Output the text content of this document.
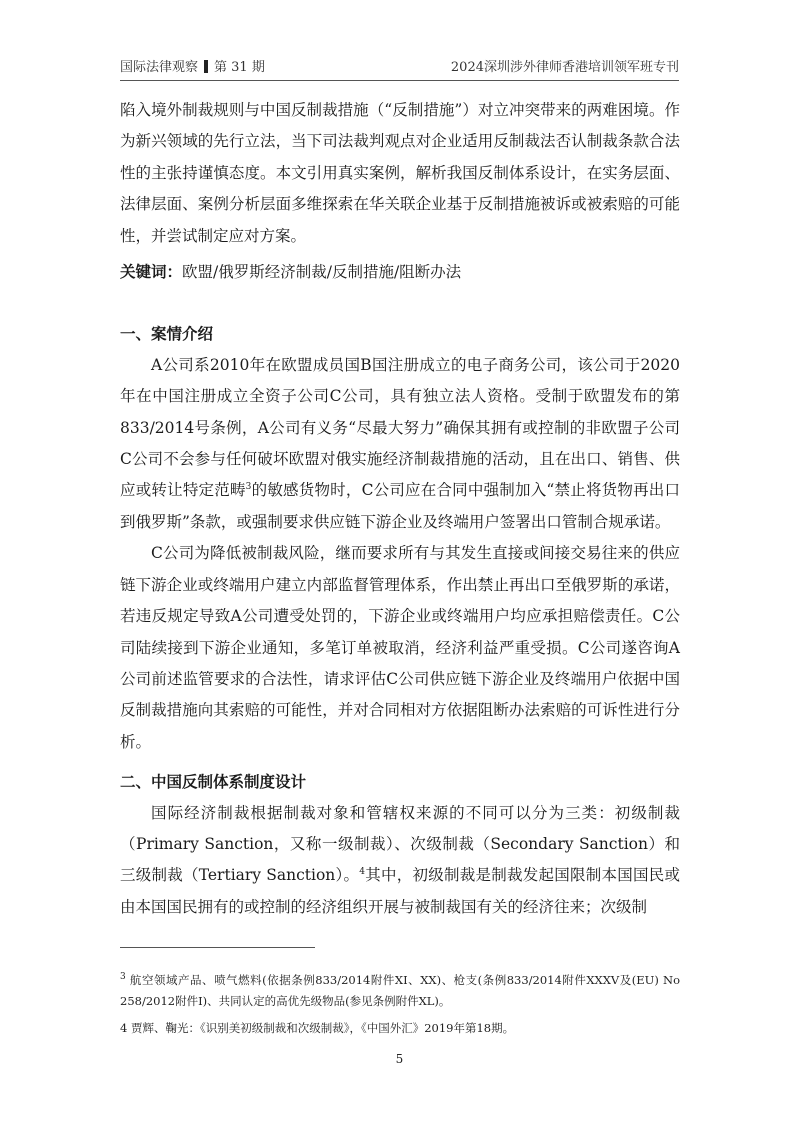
国际法律观察 第 31 期	2024深圳涉外律师香港培训领军班专刊

陷入境外制裁规则与中国反制裁措施（“反制措施”）对立冲突带来的两难困境。作为新兴领域的先行立法，当下司法裁判观点对企业适用反制裁法否认制裁条款合法性的主张持谨慎态度。本文引用真实案例，解析我国反制体系设计，在实务层面、法律层面、案例分析层面多维探索在华关联企业基于反制措施被诉或被索赔的可能性，并尝试制定应对方案。

关键词：欧盟/俄罗斯经济制裁/反制措施/阻断办法

一、案情介绍

A公司系2010年在欧盟成员国B国注册成立的电子商务公司，该公司于2020年在中国注册成立全资子公司C公司，具有独立法人资格。受制于欧盟发布的第833/2014号条例，A公司有义务“尽最大努力”确保其拥有或控制的非欧盟子公司C公司不会参与任何破坏欧盟对俄实施经济制裁措施的活动，且在出口、销售、供应或转让特定范畴$^3$的敏感货物时，C公司应在合同中强制加入“禁止将货物再出口到俄罗斯”条款，或强制要求供应链下游企业及终端用户签署出口管制合规承诺。

C公司为降低被制裁风险，继而要求所有与其发生直接或间接交易往来的供应链下游企业或终端用户建立内部监督管理体系，作出禁止再出口至俄罗斯的承诺，若违反规定导致A公司遭受处罚的，下游企业或终端用户均应承担赔偿责任。C公司陆续接到下游企业通知，多笔订单被取消，经济利益严重受损。C公司遂咨询A公司前述监管要求的合法性，请求评估C公司供应链下游企业及终端用户依据中国反制裁措施向其索赔的可能性，并对合同相对方依据阻断办法索赔的可诉性进行分析。

二、中国反制体系制度设计

国际经济制裁根据制裁对象和管辖权来源的不同可以分为三类：初级制裁（Primary Sanction，又称一级制裁）、次级制裁（Secondary Sanction）和三级制裁（Tertiary Sanction）。$^4$其中，初级制裁是制裁发起国限制本国国民或由本国国民拥有的或控制的经济组织开展与被制裁国有关的经济往来；次级制

$^3$ 航空领域产品、喷气燃料(依据条例833/2014附件XI、XX)、枪支(条例833/2014附件XXXV及(EU) No 258/2012附件I)、共同认定的高优先级物品(参见条例附件XL)。

4 贾辉、鞠光：《识别美初级制裁和次级制裁》，《中国外汇》2019年第18期。

5
